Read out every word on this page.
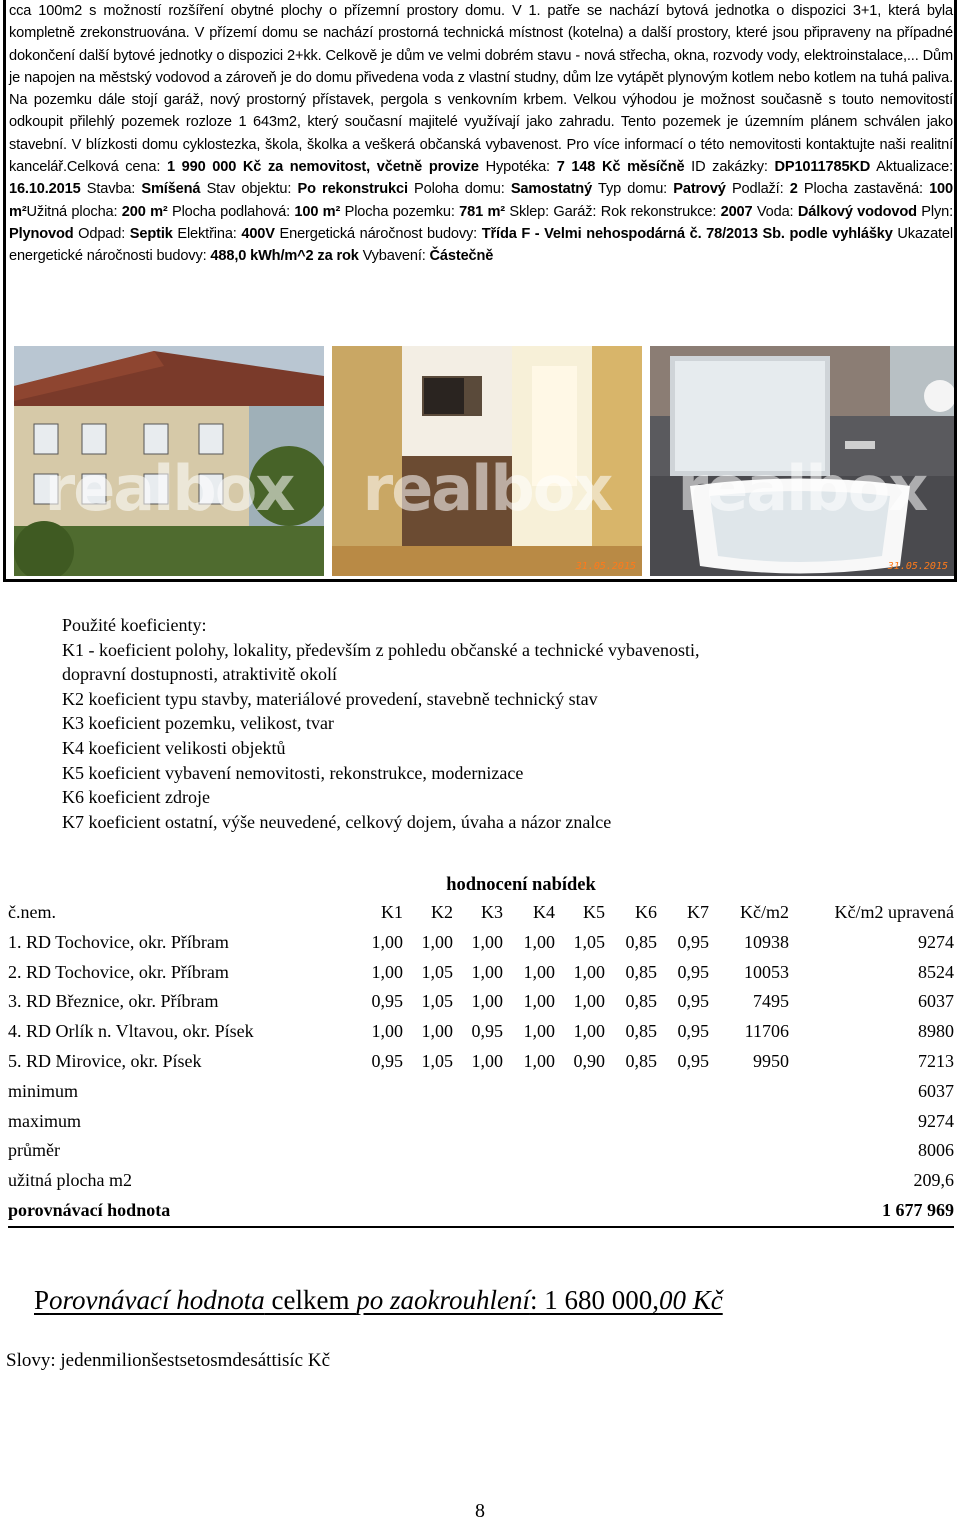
cca 100m2 s možností rozšíření obytné plochy o přízemní prostory domu. V 1. patře se nachází bytová jednotka o dispozici 3+1, která byla kompletně zrekonstruována. V přízemí domu se nachází prostorná technická místnost (kotelna) a další prostory, které jsou připraveny na případné dokončení další bytové jednotky o dispozici 2+kk. Celkově je dům ve velmi dobrém stavu - nová střecha, okna, rozvody vody, elektroinstalace,... Dům je napojen na městský vodovod a zároveň je do domu přivedena voda z vlastní studny, dům lze vytápět plynovým kotlem nebo kotlem na tuhá paliva. Na pozemku dále stojí garáž, nový prostorný přístavek, pergola s venkovním krbem. Velkou výhodou je možnost současně s touto nemovitostí odkoupit přilehlý pozemek rozloze 1 643m2, který současní majitelé využívají jako zahradu. Tento pozemek je územním plánem schválen jako stavební. V blízkosti domu cyklostezka, škola, školka a veškerá občanská vybavenost. Pro více informací o této nemovitosti kontaktujte naši realitní kancelář.Celková cena: 1 990 000 Kč za nemovitost, včetně provize Hypotéka: 7 148 Kč měsíčně ID zakázky: DP1011785KD Aktualizace: 16.10.2015 Stavba: Smíšená Stav objektu: Po rekonstrukci Poloha domu: Samostatný Typ domu: Patrový Podlaží: 2 Plocha zastavěná: 100 m²Užitná plocha: 200 m² Plocha podlahová: 100 m² Plocha pozemku: 781 m² Sklep: Garáž: Rok rekonstrukce: 2007 Voda: Dálkový vodovod Plyn: Plynovod Odpad: Septik Elektřina: 400V Energetická náročnost budovy: Třída F - Velmi nehospodárná č. 78/2013 Sb. podle vyhlášky Ukazatel energetické náročnosti budovy: 488,0 kWh/m^2 za rok Vybavení: Částečně
realbox	realbox
31.05.2015
realbox
31.05.2015
Použité koeficienty:
K1 - koeficient polohy, lokality, především z pohledu občanské a technické vybavenosti,
dopravní dostupnosti, atraktivitě okolí
K2 koeficient typu stavby, materiálové provedení, stavebně technický stav
K3 koeficient pozemku, velikost, tvar
K4 koeficient velikosti objektů
K5 koeficient vybavení nemovitosti, rekonstrukce, modernizace
K6 koeficient zdroje
K7 koeficient ostatní, výše neuvedené, celkový dojem, úvaha a názor znalce
hodnocení nabídek
č.nem.	K1	K2	K3	K4	K5	K6	K7	Kč/m2	Kč/m2 upravená
1. RD Tochovice, okr. Příbram	1,00	1,00	1,00	1,00	1,05	0,85	0,95	10938	9274
2. RD Tochovice, okr. Příbram	1,00	1,05	1,00	1,00	1,00	0,85	0,95	10053	8524
3. RD Březnice, okr. Příbram	0,95	1,05	1,00	1,00	1,00	0,85	0,95	7495	6037
4. RD Orlík n. Vltavou, okr. Písek	1,00	1,00	0,95	1,00	1,00	0,85	0,95	11706	8980
5. RD Mirovice, okr. Písek	0,95	1,05	1,00	1,00	0,90	0,85	0,95	9950	7213
minimum									6037
maximum									9274
průměr									8006
užitná plocha m2									209,6
porovnávací hodnota									1 677 969
Porovnávací hodnota celkem po zaokrouhlení: 1 680 000,00 Kč
Slovy: jedenmilionšestsetosmdesáttisíc Kč
8
